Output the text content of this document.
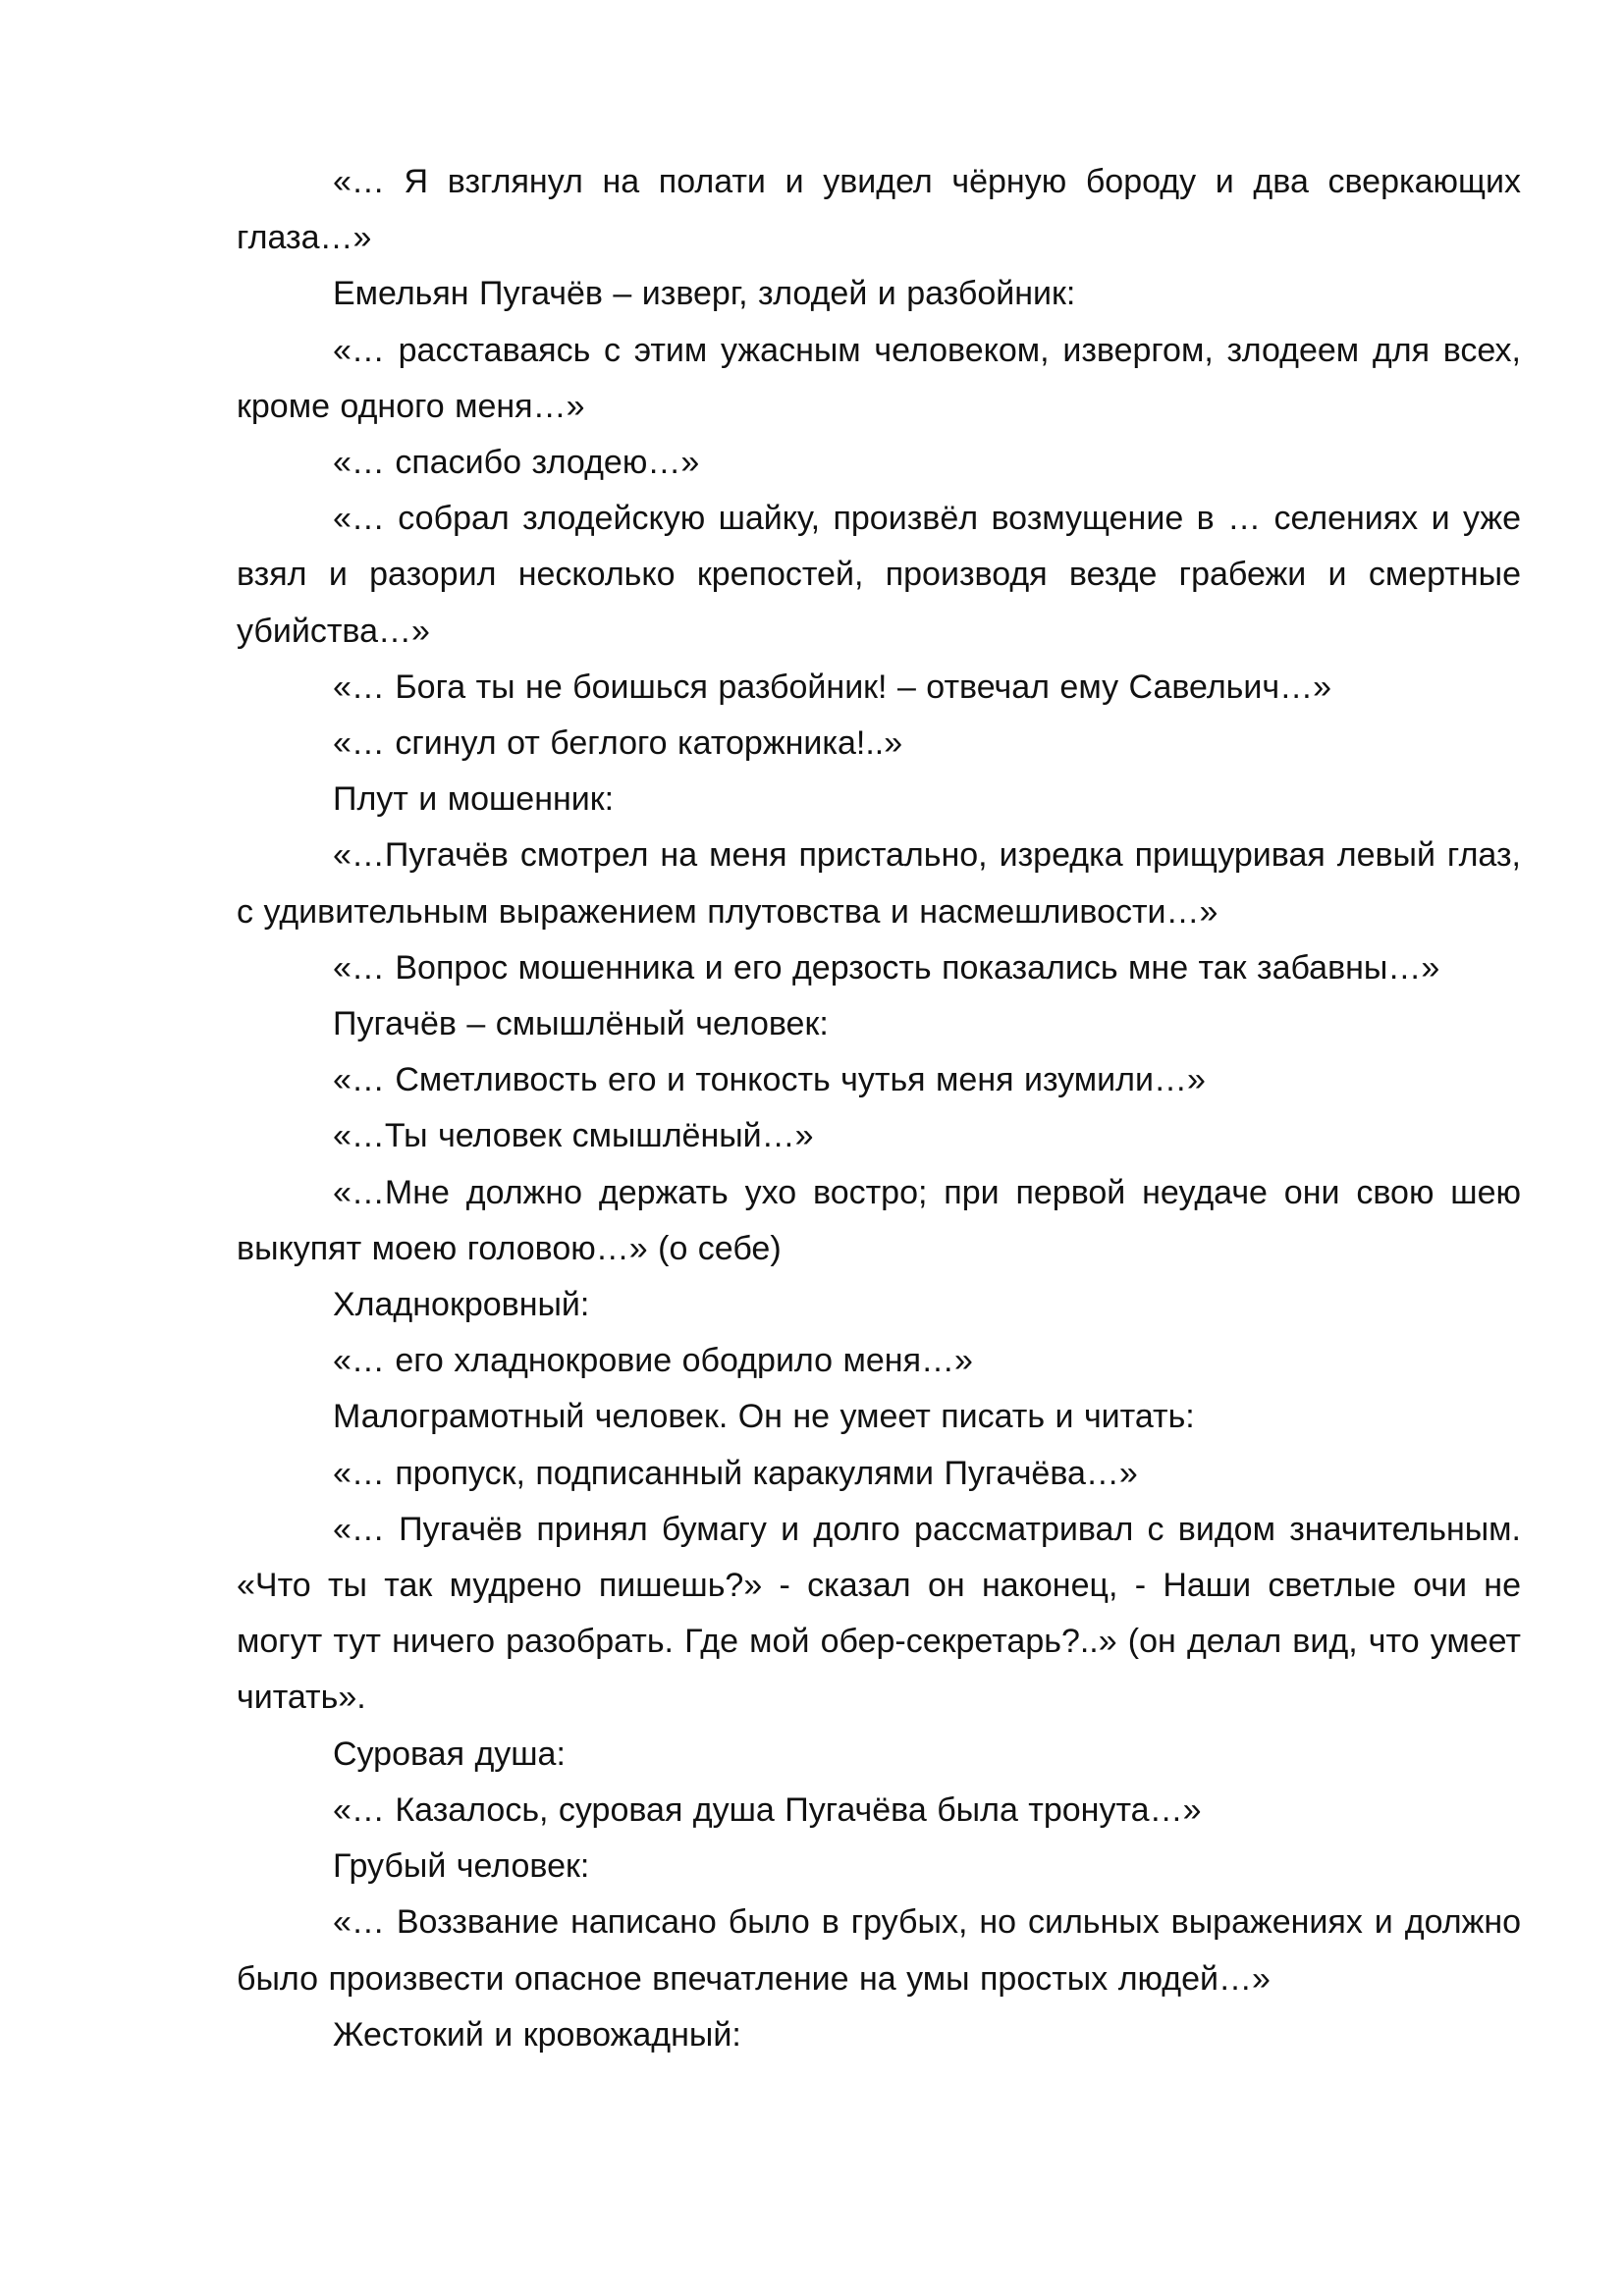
«… Я взглянул на полати и увидел чёрную бороду и два сверкающих глаза…»

Емельян Пугачёв – изверг, злодей и разбойник:

«… расставаясь с этим ужасным человеком, извергом, злодеем для всех, кроме одного меня…»

«… спасибо злодею…»

«… собрал злодейскую шайку, произвёл возмущение в … селениях и уже взял и разорил несколько крепостей, производя везде грабежи и смертные убийства…»

«… Бога ты не боишься разбойник! – отвечал ему Савельич…»

«… сгинул от беглого каторжника!..»

Плут и мошенник:

«…Пугачёв смотрел на меня пристально, изредка прищуривая левый глаз, с удивительным выражением плутовства и насмешливости…»

«… Вопрос мошенника и его дерзость показались мне так забавны…»

Пугачёв – смышлёный человек:

«… Сметливость его и тонкость чутья меня изумили…»

«…Ты человек смышлёный…»

«…Мне должно держать ухо востро; при первой неудаче они свою шею выкупят моею головою…» (о себе)

Хладнокровный:

«… его хладнокровие ободрило меня…»

Малограмотный человек. Он не умеет писать и читать:

«… пропуск, подписанный каракулями Пугачёва…»

«… Пугачёв принял бумагу и долго рассматривал с видом значительным. «Что ты так мудрено пишешь?» - сказал он наконец, - Наши светлые очи не могут тут ничего разобрать. Где мой обер-секретарь?..» (он делал вид, что умеет читать».

Суровая душа:

«… Казалось, суровая душа Пугачёва была тронута…»

Грубый человек:

«… Воззвание написано было в грубых, но сильных выражениях и должно было произвести опасное впечатление на умы простых людей…»

Жестокий и кровожадный:
